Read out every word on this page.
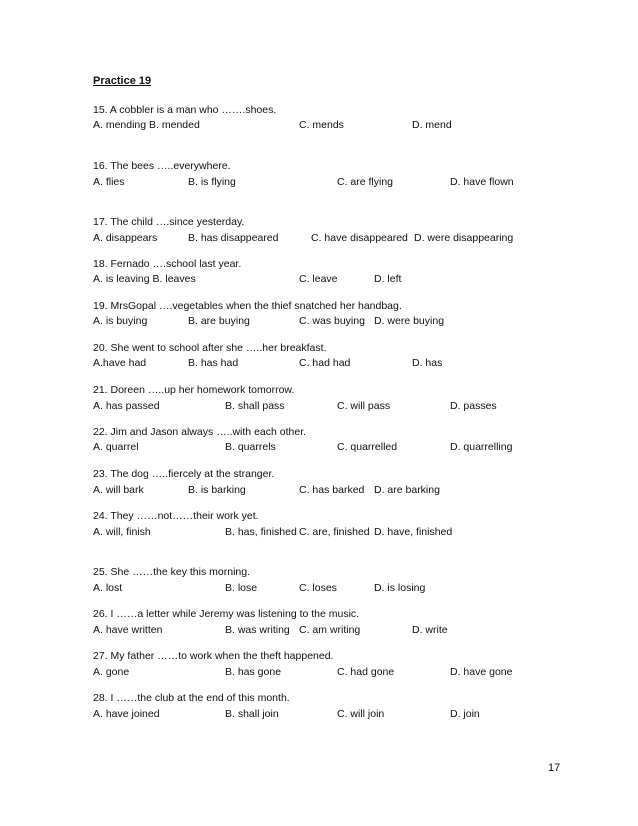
Practice 19
15. A cobbler is a man who …….shoes.
A. mending B. mended	C. mends	D. mend
16. The bees …..everywhere.
A. flies	B. is flying	C. are flying	D. have flown
17. The child ….since yesterday.
A. disappears	B. has disappeared	C. have disappeared D. were disappearing
18. Fernado ….school last year.
A. is leaving B. leaves	C. leave	D. left
19. MrsGopal ….vegetables when the thief snatched her handbag.
A. is buying	B. are buying	C. was buying D. were buying
20. She went to school after she …..her breakfast.
A.have had	B. has had	C. had had	D. has
21. Doreen …..up her homework tomorrow.
A. has passed	B. shall pass	C. will pass	D. passes
22. Jim and Jason always …..with each other.
A. quarrel	B. quarrels	C. quarrelled	D. quarrelling
23. The dog …..fiercely at the stranger.
A. will bark	B. is barking	C. has barked D. are barking
24. They ……not……their work yet.
A. will, finish	B. has, finished C. are, finished D. have, finished
25. She ……the key this morning.
A. lost	B. lose	C. loses	D. is losing
26. I ……a letter while Jeremy was listening to the music.
A. have written	B. was writing C. am writing	D. write
27. My father ……to work when the theft happened.
A. gone	B. has gone	C. had gone	D. have gone
28. I ……the club at the end of this month.
A. have joined	B. shall join	C. will join	D. join
17
